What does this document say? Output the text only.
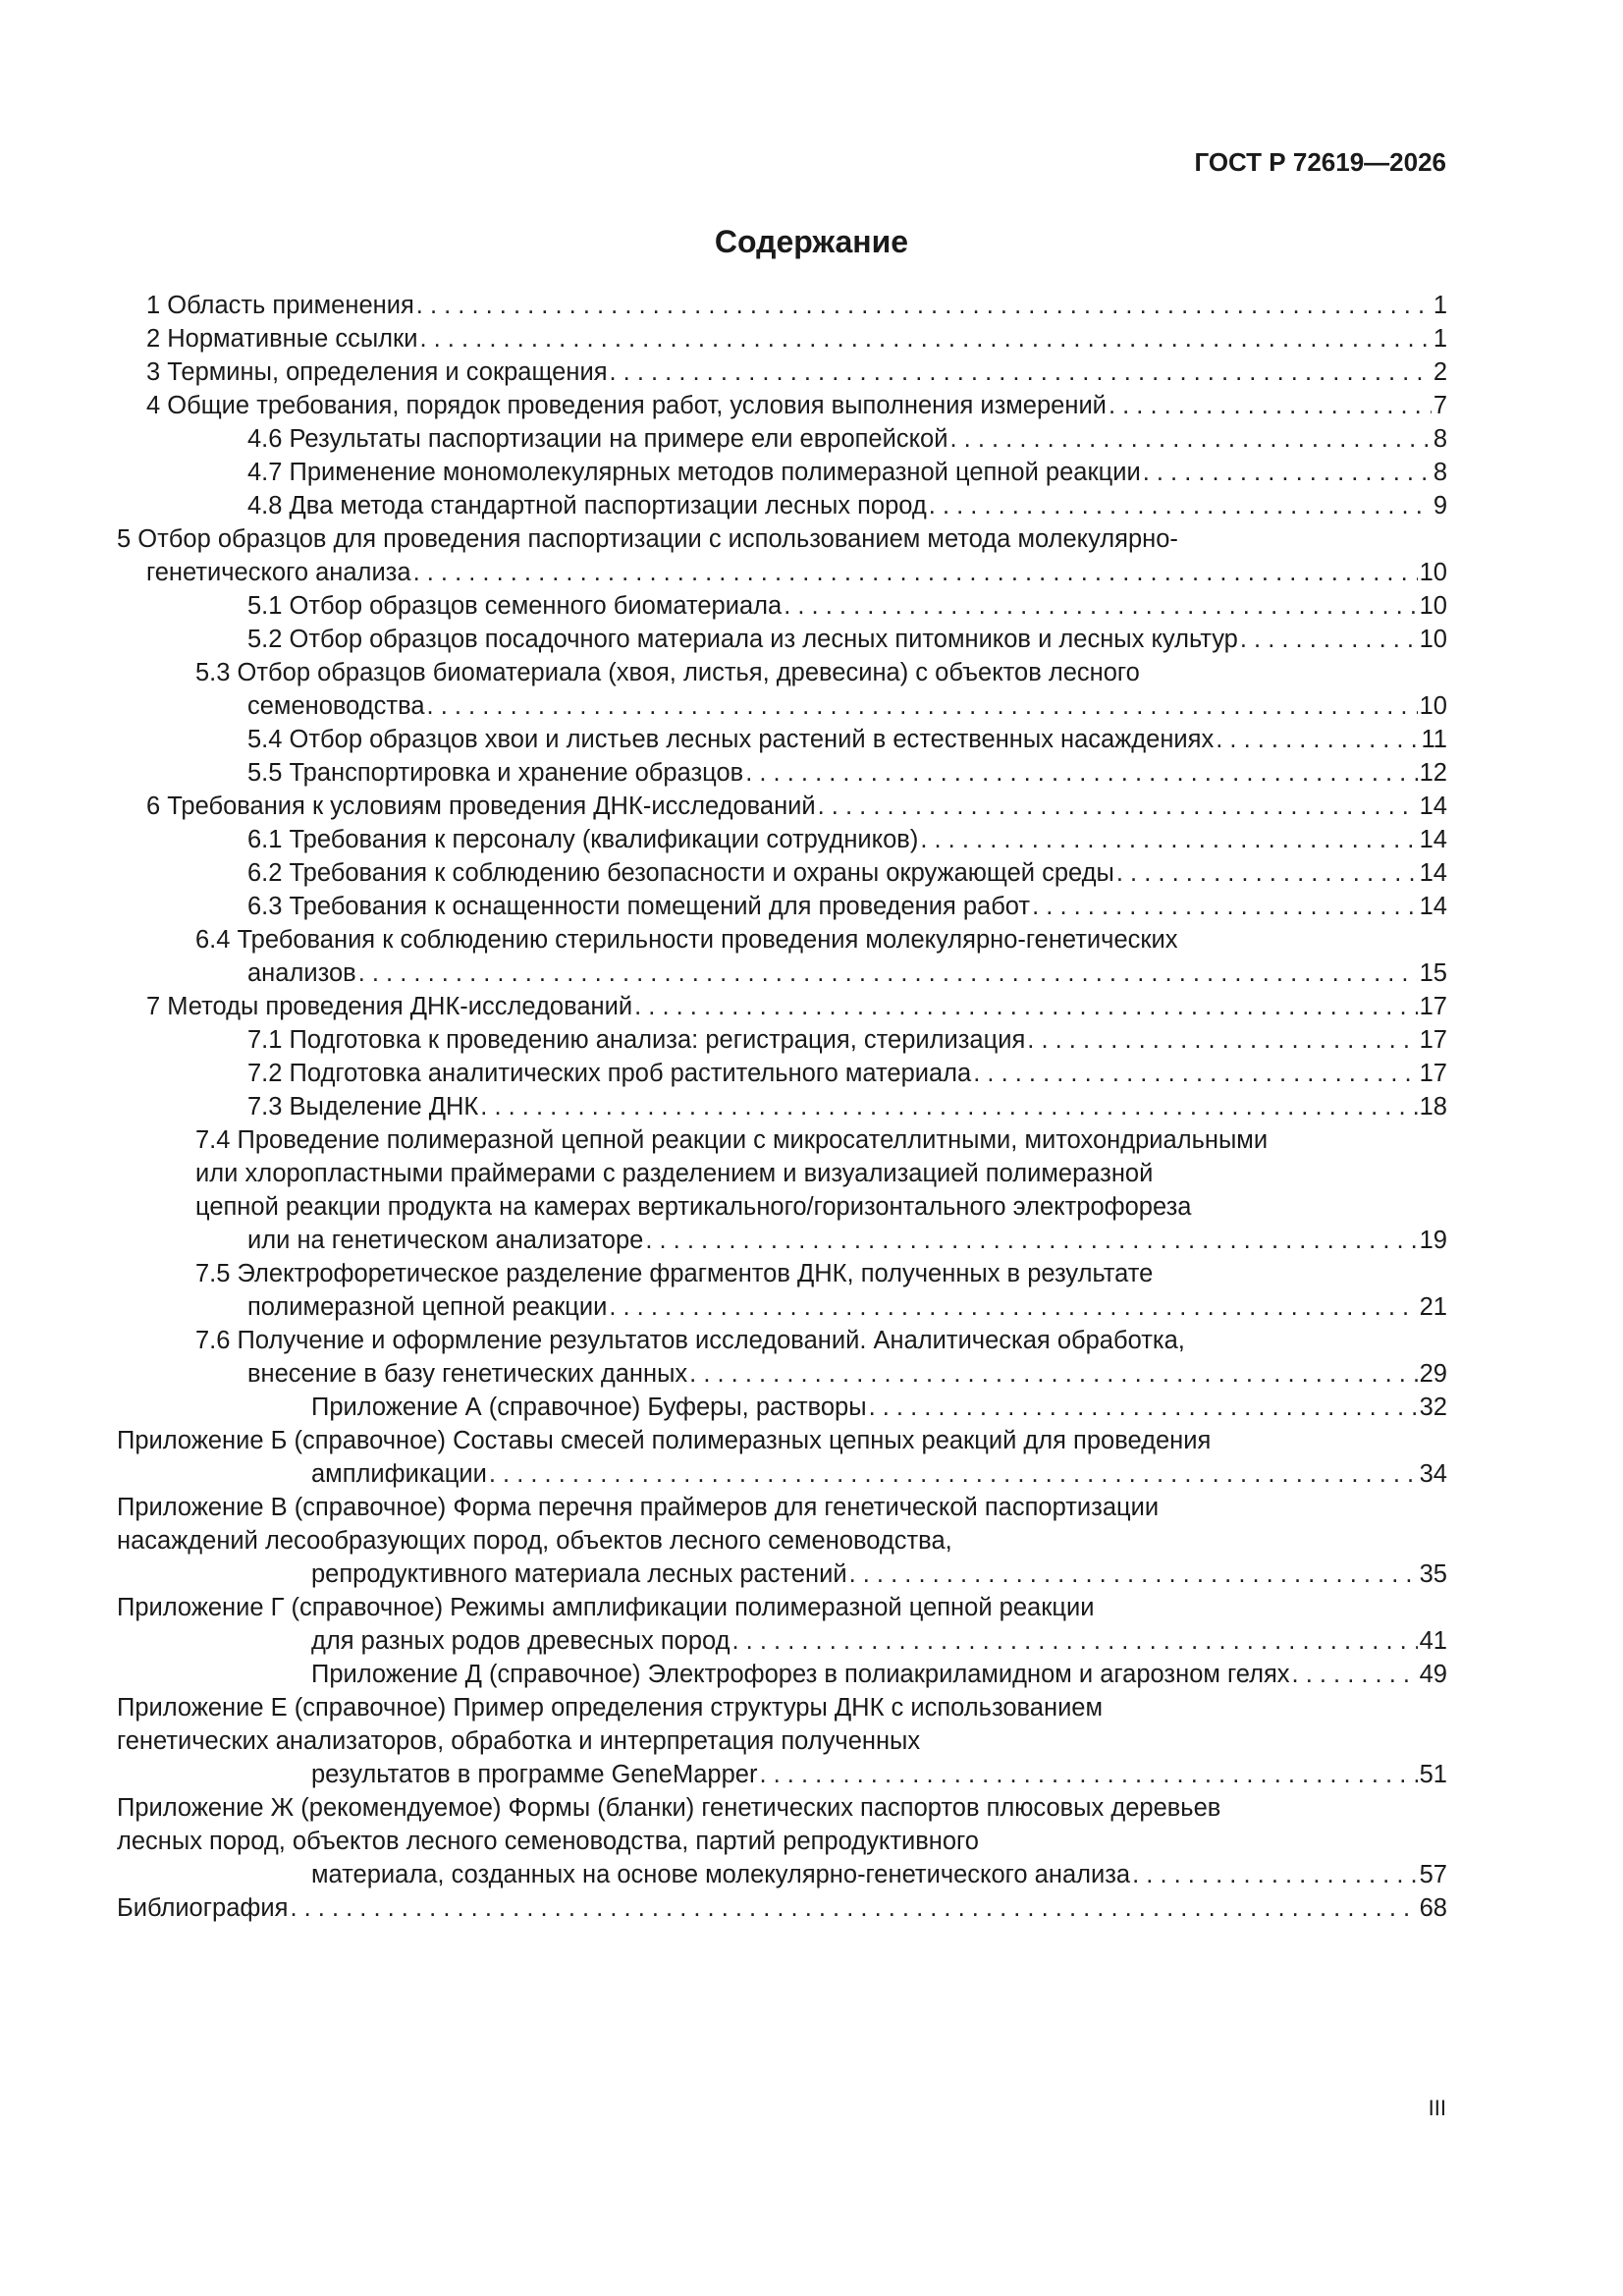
ГОСТ Р 72619—2026
Содержание
1 Область применения . . .	1
2 Нормативные ссылки . . .	1
3 Термины, определения и сокращения . . .	2
4 Общие требования, порядок проведения работ, условия выполнения измерений . . .	7
4.6 Результаты паспортизации на примере ели европейской . . .	8
4.7 Применение мономолекулярных методов полимеразной цепной реакции . . .	8
4.8 Два метода стандартной паспортизации лесных пород . . .	9
5 Отбор образцов для проведения паспортизации с использованием метода молекулярно-
генетического анализа . . .	10
5.1 Отбор образцов семенного биоматериала . . .	10
5.2 Отбор образцов посадочного материала из лесных питомников и лесных культур . . .	10
5.3 Отбор образцов биоматериала (хвоя, листья, древесина) с объектов лесного
семеноводства . . .	10
5.4 Отбор образцов хвои и листьев лесных растений в естественных насаждениях . . .	11
5.5 Транспортировка и хранение образцов . . .	12
6 Требования к условиям проведения ДНК-исследований . . .	14
6.1 Требования к персоналу (квалификации сотрудников) . . .	14
6.2 Требования к соблюдению безопасности и охраны окружающей среды . . .	14
6.3 Требования к оснащенности помещений для проведения работ . . .	14
6.4 Требования к соблюдению стерильности проведения молекулярно-генетических
анализов . . .	15
7 Методы проведения ДНК-исследований . . .	17
7.1 Подготовка к проведению анализа: регистрация, стерилизация . . .	17
7.2 Подготовка аналитических проб растительного материала . . .	17
7.3 Выделение ДНК . . .	18
7.4 Проведение полимеразной цепной реакции с микросателлитными, митохондриальными
или хлоропластными праймерами с разделением и визуализацией полимеразной
цепной реакции продукта на камерах вертикального/горизонтального электрофореза
или на генетическом анализаторе . . .	19
7.5 Электрофоретическое разделение фрагментов ДНК, полученных в результате
полимеразной цепной реакции . . .	21
7.6 Получение и оформление результатов исследований. Аналитическая обработка,
внесение в базу генетических данных . . .	29
Приложение А (справочное) Буферы, растворы . . .	32
Приложение Б (справочное) Составы смесей полимеразных цепных реакций для проведения
амплификации . . .	34
Приложение В (справочное) Форма перечня праймеров для генетической паспортизации
насаждений лесообразующих пород, объектов лесного семеноводства,
репродуктивного материала лесных растений . . .	35
Приложение Г (справочное) Режимы амплификации полимеразной цепной реакции
для разных родов древесных пород . . .	41
Приложение Д (справочное) Электрофорез в полиакриламидном и агарозном гелях . . .	49
Приложение Е (справочное) Пример определения структуры ДНК с использованием
генетических анализаторов, обработка и интерпретация полученных
результатов в программе GeneMapper . . .	51
Приложение Ж (рекомендуемое) Формы (бланки) генетических паспортов плюсовых деревьев
лесных пород, объектов лесного семеноводства, партий репродуктивного
материала, созданных на основе молекулярно-генетического анализа . . .	57
Библиография . . .	68
III
